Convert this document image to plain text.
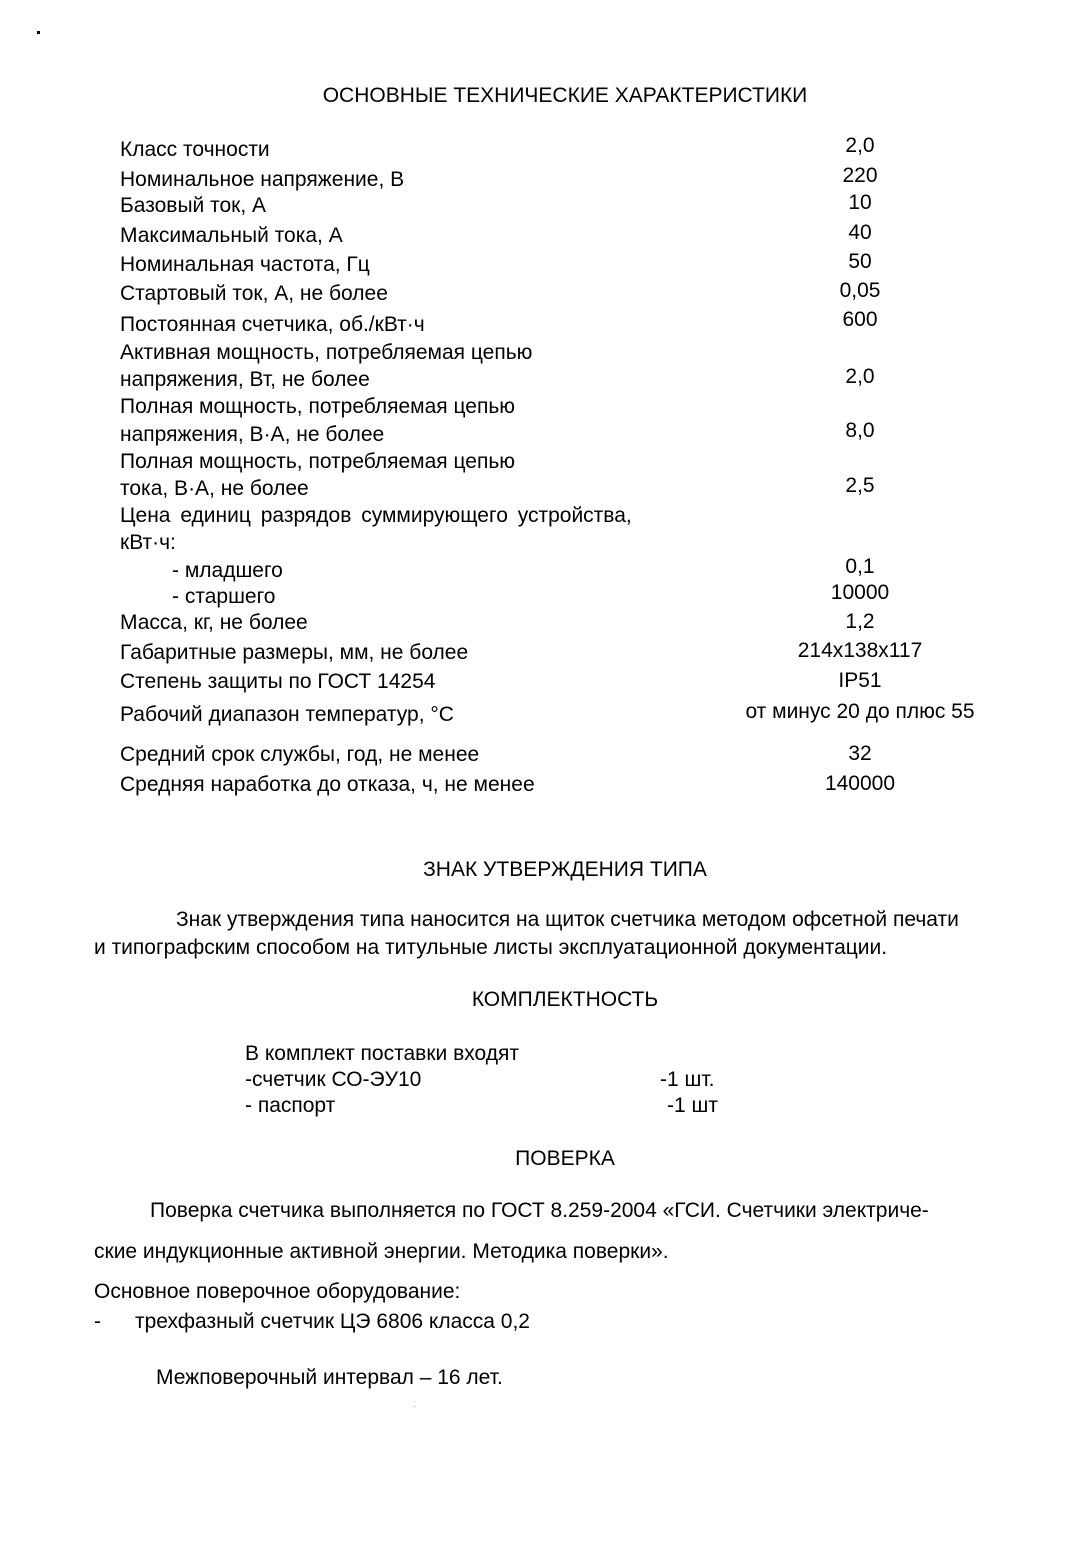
ОСНОВНЫЕ ТЕХНИЧЕСКИЕ ХАРАКТЕРИСТИКИ
Класс точности	2,0
Номинальное напряжение, В	220
Базовый ток, А	10
Максимальный тока, А	40
Номинальная частота, Гц	50
Стартовый ток, А, не более	0,05
Постоянная счетчика, об./кВт·ч	600
Активная мощность, потребляемая цепью
напряжения, Вт, не более	2,0
Полная мощность, потребляемая цепью
напряжения, В·А, не более	8,0
Полная мощность, потребляемая цепью
тока, В·А, не более	2,5
Цена единиц разрядов суммирующего устройства,
кВт·ч:
- младшего	0,1
- старшего	10000
Масса, кг, не более	1,2
Габаритные размеры, мм, не более	214x138x117
Степень защиты по ГОСТ 14254	IP51
Рабочий диапазон температур, °С	от минус 20 до плюс 55
Средний срок службы, год, не менее	32
Средняя наработка до отказа, ч, не менее	140000
ЗНАК УТВЕРЖДЕНИЯ ТИПА
Знак утверждения типа наносится на щиток счетчика методом офсетной печати
и типографским способом на титульные листы эксплуатационной документации.
КОМПЛЕКТНОСТЬ
В комплект поставки входят
-счетчик СО-ЭУ10	-1 шт.
- паспорт	-1 шт
ПОВЕРКА
Поверка счетчика выполняется по ГОСТ 8.259-2004 «ГСИ. Счетчики электриче-
ские индукционные активной энергии. Методика поверки».
Основное поверочное оборудование:
- трехфазный счетчик ЦЭ 6806 класса 0,2
Межповерочный интервал – 16 лет.
